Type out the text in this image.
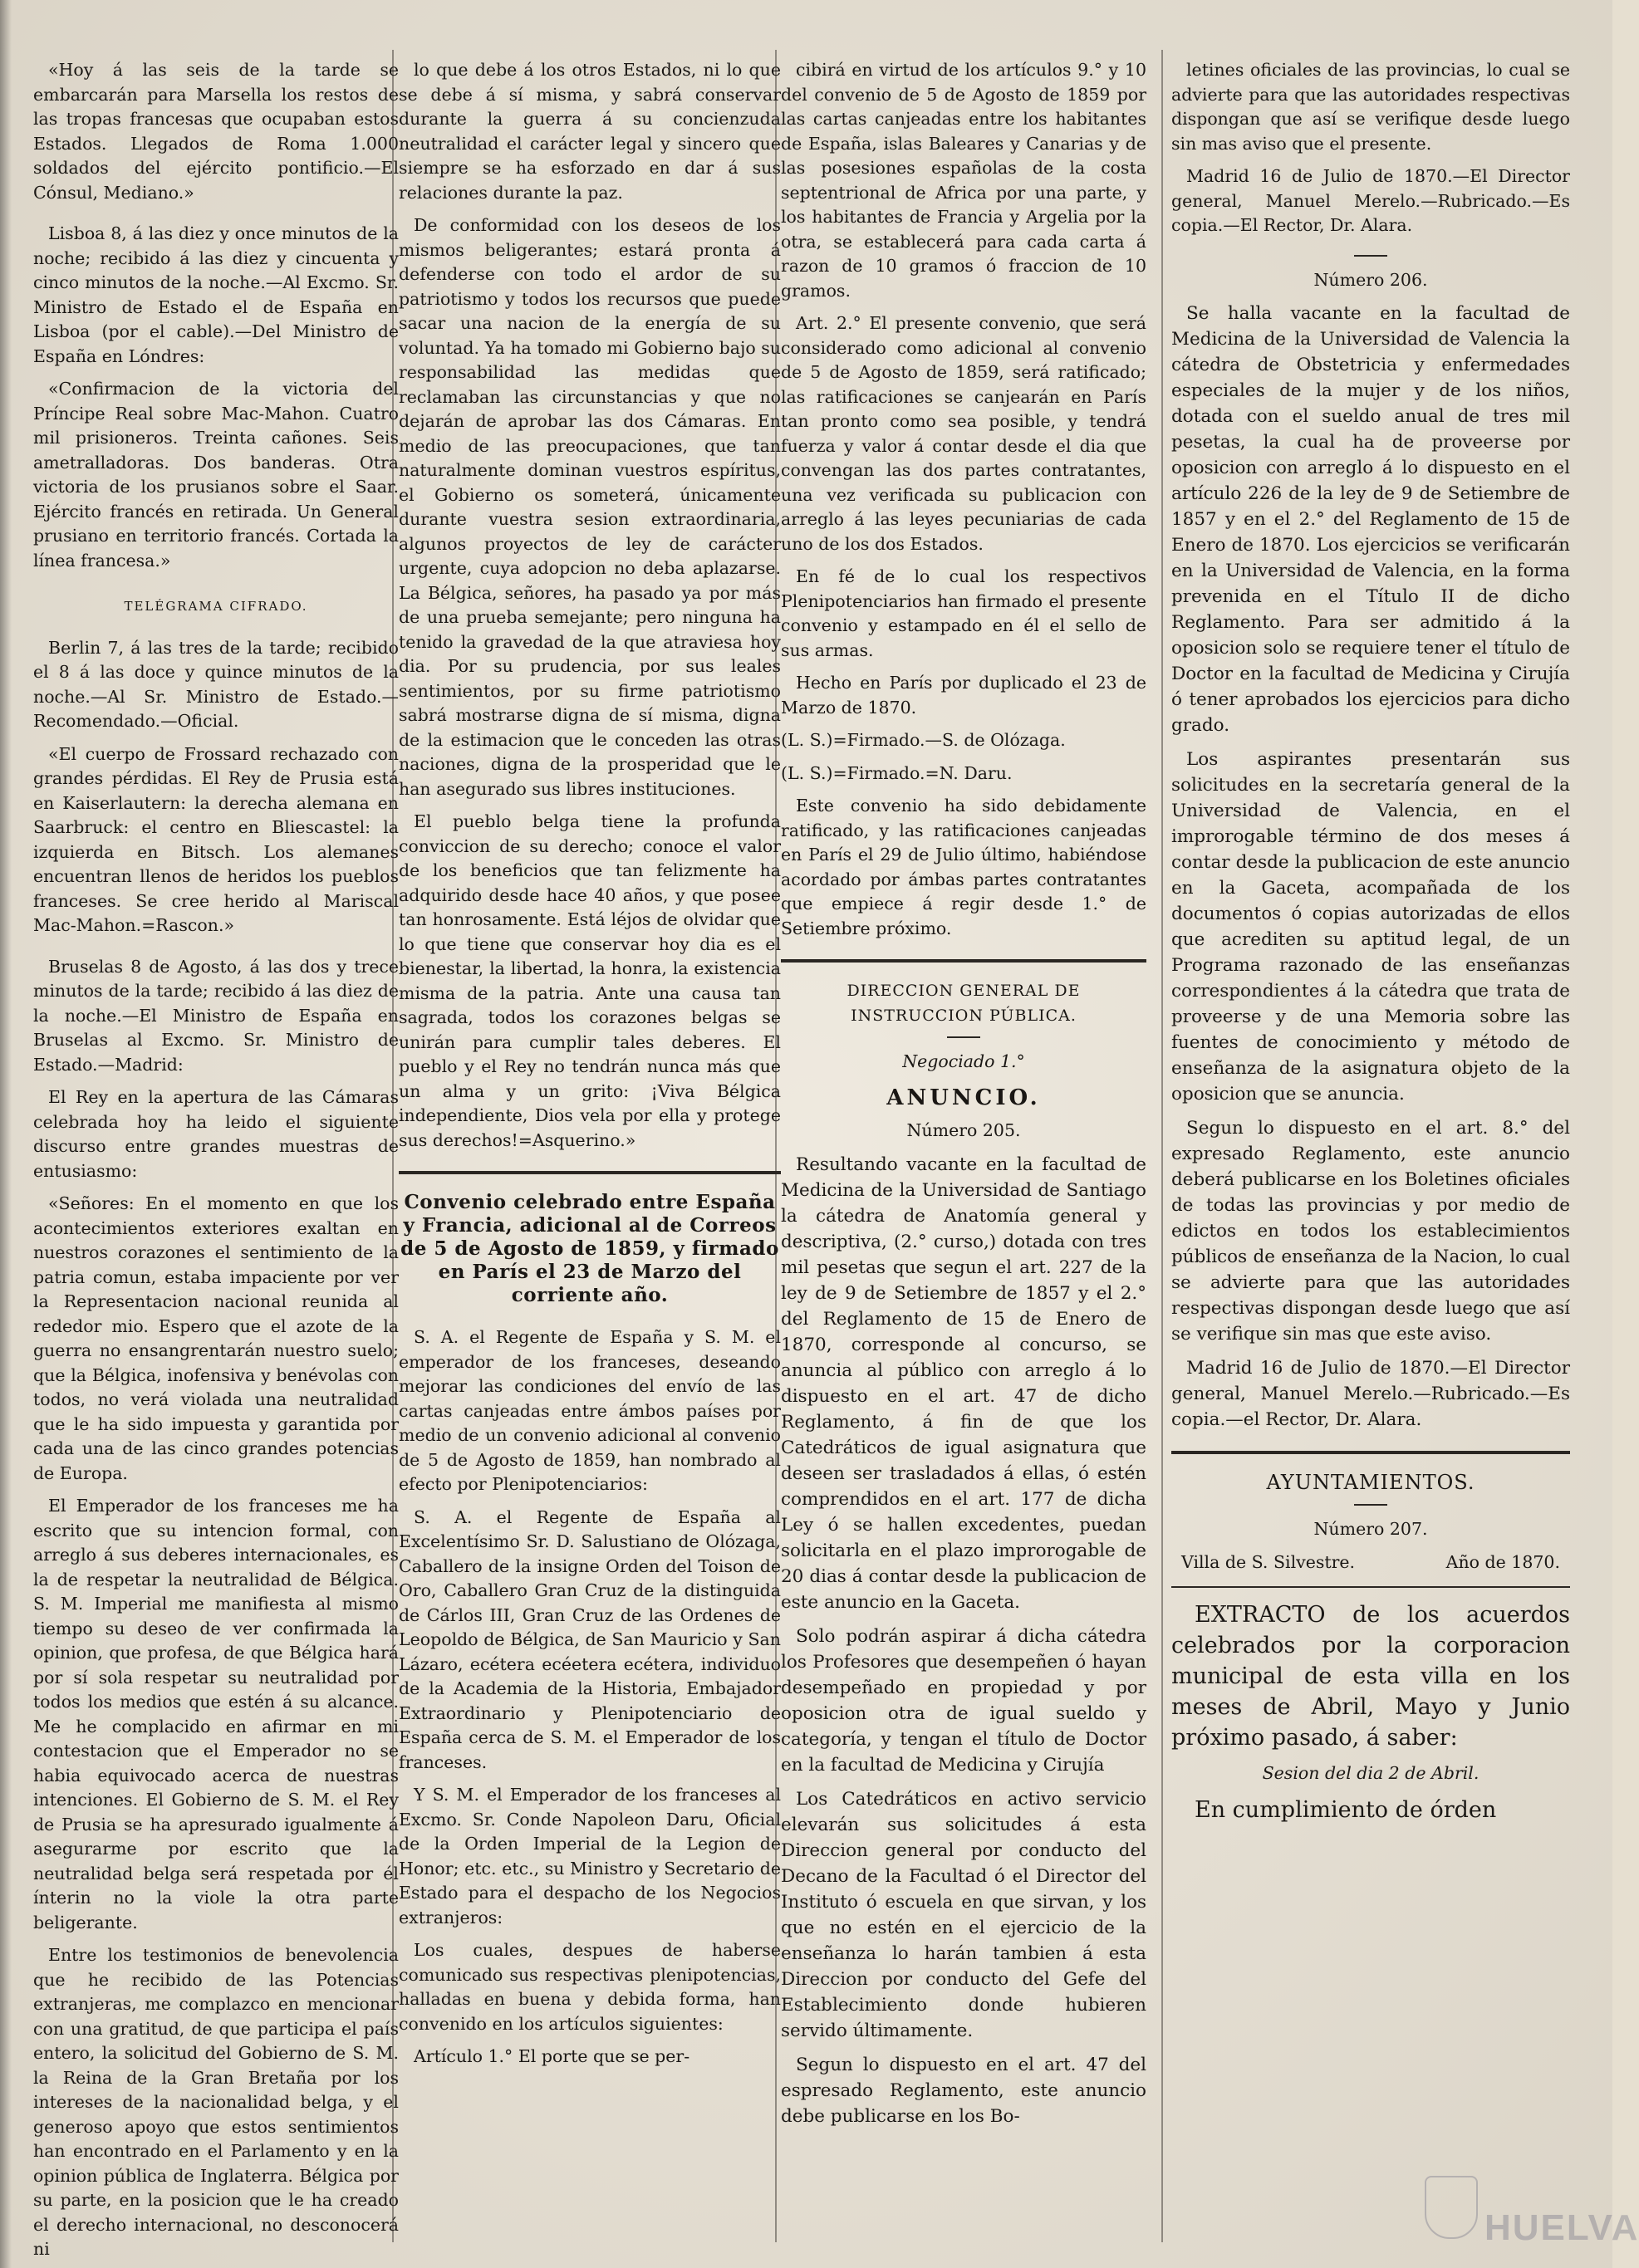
«Hoy á las seis de la tarde se embarcarán para Marsella los restos de las tropas francesas que ocupaban estos Estados. Llegados de Roma 1.000 soldados del ejército pontificio.—El Cónsul, Mediano.»

Lisboa 8, á las diez y once minutos de la noche; recibido á las diez y cincuenta y cinco minutos de la noche.—Al Excmo. Sr. Ministro de Estado el de España en Lisboa (por el cable).—Del Ministro de España en Lóndres:

«Confirmacion de la victoria del Príncipe Real sobre Mac-Mahon. Cuatro mil prisioneros. Treinta cañones. Seis ametralladoras. Dos banderas. Otra victoria de los prusianos sobre el Saar. Ejército francés en retirada. Un General prusiano en territorio francés. Cortada la línea francesa.»

TELÉGRAMA CIFRADO.

Berlin 7, á las tres de la tarde; recibido el 8 á las doce y quince minutos de la noche.—Al Sr. Ministro de Estado.—Recomendado.—Oficial.

«El cuerpo de Frossard rechazado con grandes pérdidas. El Rey de Prusia está en Kaiserlautern: la derecha alemana en Saarbruck: el centro en Bliescastel: la izquierda en Bitsch. Los alemanes encuentran llenos de heridos los pueblos franceses. Se cree herido al Mariscal Mac-Mahon.=Rascon.»

Bruselas 8 de Agosto, á las dos y trece minutos de la tarde; recibido á las diez de la noche.—El Ministro de España en Bruselas al Excmo. Sr. Ministro de Estado.—Madrid:

El Rey en la apertura de las Cámaras celebrada hoy ha leido el siguiente discurso entre grandes muestras de entusiasmo:

«Señores: En el momento en que los acontecimientos exteriores exaltan en nuestros corazones el sentimiento de la patria comun, estaba impaciente por ver la Representacion nacional reunida al rededor mio. Espero que el azote de la guerra no ensangrentarán nuestro suelo; que la Bélgica, inofensiva y benévolas con todos, no verá violada una neutralidad que le ha sido impuesta y garantida por cada una de las cinco grandes potencias de Europa.

El Emperador de los franceses me ha escrito que su intencion formal, con arreglo á sus deberes internacionales, es la de respetar la neutralidad de Bélgica. S. M. Imperial me manifiesta al mismo tiempo su deseo de ver confirmada la opinion, que profesa, de que Bélgica hará por sí sola respetar su neutralidad por todos los medios que estén á su alcance. Me he complacido en afirmar en mi contestacion que el Emperador no se habia equivocado acerca de nuestras intenciones. El Gobierno de S. M. el Rey de Prusia se ha apresurado igualmente á asegurarme por escrito que la neutralidad belga será respetada por él ínterin no la viole la otra parte beligerante.

Entre los testimonios de benevolencia que he recibido de las Potencias extranjeras, me complazco en mencionar con una gratitud, de que participa el país entero, la solicitud del Gobierno de S. M. la Reina de la Gran Bretaña por los intereses de la nacionalidad belga, y el generoso apoyo que estos sentimientos han encontrado en el Parlamento y en la opinion pública de Inglaterra. Bélgica por su parte, en la posicion que le ha creado el derecho internacional, no desconocerá ni

lo que debe á los otros Estados, ni lo que se debe á sí misma, y sabrá conservar durante la guerra á su concienzuda neutralidad el carácter legal y sincero que siempre se ha esforzado en dar á sus relaciones durante la paz.

De conformidad con los deseos de los mismos beligerantes; estará pronta á defenderse con todo el ardor de su patriotismo y todos los recursos que puede sacar una nacion de la energía de su voluntad. Ya ha tomado mi Gobierno bajo su responsabilidad las medidas que reclamaban las circunstancias y que no dejarán de aprobar las dos Cámaras. En medio de las preocupaciones, que tan naturalmente dominan vuestros espíritus, el Gobierno os someterá, únicamente durante vuestra sesion extraordinaria, algunos proyectos de ley de carácter urgente, cuya adopcion no deba aplazarse. La Bélgica, señores, ha pasado ya por más de una prueba semejante; pero ninguna ha tenido la gravedad de la que atraviesa hoy dia. Por su prudencia, por sus leales sentimientos, por su firme patriotismo sabrá mostrarse digna de sí misma, digna de la estimacion que le conceden las otras naciones, digna de la prosperidad que le han asegurado sus libres instituciones.

El pueblo belga tiene la profunda conviccion de su derecho; conoce el valor de los beneficios que tan felizmente ha adquirido desde hace 40 años, y que posee tan honrosamente. Está léjos de olvidar que lo que tiene que conservar hoy dia es el bienestar, la libertad, la honra, la existencia misma de la patria. Ante una causa tan sagrada, todos los corazones belgas se unirán para cumplir tales deberes. El pueblo y el Rey no tendrán nunca más que un alma y un grito: ¡Viva Bélgica independiente, Dios vela por ella y protege sus derechos!=Asquerino.»

Convenio celebrado entre España y Francia, adicional al de Correos de 5 de Agosto de 1859, y firmado en París el 23 de Marzo del corriente año.

S. A. el Regente de España y S. M. el emperador de los franceses, deseando mejorar las condiciones del envío de las cartas canjeadas entre ámbos países por medio de un convenio adicional al convenio de 5 de Agosto de 1859, han nombrado al efecto por Plenipotenciarios:

S. A. el Regente de España al Excelentísimo Sr. D. Salustiano de Olózaga, Caballero de la insigne Orden del Toison de Oro, Caballero Gran Cruz de la distinguida de Cárlos III, Gran Cruz de las Ordenes de Leopoldo de Bélgica, de San Mauricio y San Lázaro, ecétera ecéetera ecétera, individuo de la Academia de la Historia, Embajador Extraordinario y Plenipotenciario de España cerca de S. M. el Emperador de los franceses.

Y S. M. el Emperador de los franceses al Excmo. Sr. Conde Napoleon Daru, Oficial de la Orden Imperial de la Legion de Honor; etc. etc., su Ministro y Secretario de Estado para el despacho de los Negocios extranjeros:

Los cuales, despues de haberse comunicado sus respectivas plenipotencias, halladas en buena y debida forma, han convenido en los artículos siguientes:

Artículo 1.° El porte que se per-

cibirá en virtud de los artículos 9.° y 10 del convenio de 5 de Agosto de 1859 por las cartas canjeadas entre los habitantes de España, islas Baleares y Canarias y de las posesiones españolas de la costa septentrional de Africa por una parte, y los habitantes de Francia y Argelia por la otra, se establecerá para cada carta á razon de 10 gramos ó fraccion de 10 gramos.

Art. 2.° El presente convenio, que será considerado como adicional al convenio de 5 de Agosto de 1859, será ratificado; las ratificaciones se canjearán en París tan pronto como sea posible, y tendrá fuerza y valor á contar desde el dia que convengan las dos partes contratantes, una vez verificada su publicacion con arreglo á las leyes pecuniarias de cada uno de los dos Estados.

En fé de lo cual los respectivos Plenipotenciarios han firmado el presente convenio y estampado en él el sello de sus armas.

Hecho en París por duplicado el 23 de Marzo de 1870.

(L. S.)=Firmado.—S. de Olózaga.

(L. S.)=Firmado.=N. Daru.

Este convenio ha sido debidamente ratificado, y las ratificaciones canjeadas en París el 29 de Julio último, habiéndose acordado por ámbas partes contratantes que empiece á regir desde 1.° de Setiembre próximo.

DIRECCION GENERAL DE INSTRUCCION PÚBLICA.

Negociado 1.°

ANUNCIO.

Número 205.

Resultando vacante en la facultad de Medicina de la Universidad de Santiago la cátedra de Anatomía general y descriptiva, (2.° curso,) dotada con tres mil pesetas que segun el art. 227 de la ley de 9 de Setiembre de 1857 y el 2.° del Reglamento de 15 de Enero de 1870, corresponde al concurso, se anuncia al público con arreglo á lo dispuesto en el art. 47 de dicho Reglamento, á fin de que los Catedráticos de igual asignatura que deseen ser trasladados á ellas, ó estén comprendidos en el art. 177 de dicha Ley ó se hallen excedentes, puedan solicitarla en el plazo improrogable de 20 dias á contar desde la publicacion de este anuncio en la Gaceta.

Solo podrán aspirar á dicha cátedra los Profesores que desempeñen ó hayan desempeñado en propiedad y por oposicion otra de igual sueldo y categoría, y tengan el título de Doctor en la facultad de Medicina y Cirujía

Los Catedráticos en activo servicio elevarán sus solicitudes á esta Direccion general por conducto del Decano de la Facultad ó el Director del Instituto ó escuela en que sirvan, y los que no estén en el ejercicio de la enseñanza lo harán tambien á esta Direccion por conducto del Gefe del Establecimiento donde hubieren servido últimamente.

Segun lo dispuesto en el art. 47 del espresado Reglamento, este anuncio debe publicarse en los Bo-

letines oficiales de las provincias, lo cual se advierte para que las autoridades respectivas dispongan que así se verifique desde luego sin mas aviso que el presente.

Madrid 16 de Julio de 1870.—El Director general, Manuel Merelo.—Rubricado.—Es copia.—El Rector, Dr. Alara.

Número 206.

Se halla vacante en la facultad de Medicina de la Universidad de Valencia la cátedra de Obstetricia y enfermedades especiales de la mujer y de los niños, dotada con el sueldo anual de tres mil pesetas, la cual ha de proveerse por oposicion con arreglo á lo dispuesto en el artículo 226 de la ley de 9 de Setiembre de 1857 y en el 2.° del Reglamento de 15 de Enero de 1870. Los ejercicios se verificarán en la Universidad de Valencia, en la forma prevenida en el Título II de dicho Reglamento. Para ser admitido á la oposicion solo se requiere tener el título de Doctor en la facultad de Medicina y Cirujía ó tener aprobados los ejercicios para dicho grado.

Los aspirantes presentarán sus solicitudes en la secretaría general de la Universidad de Valencia, en el improrogable término de dos meses á contar desde la publicacion de este anuncio en la Gaceta, acompañada de los documentos ó copias autorizadas de ellos que acrediten su aptitud legal, de un Programa razonado de las enseñanzas correspondientes á la cátedra que trata de proveerse y de una Memoria sobre las fuentes de conocimiento y método de enseñanza de la asignatura objeto de la oposicion que se anuncia.

Segun lo dispuesto en el art. 8.° del expresado Reglamento, este anuncio deberá publicarse en los Boletines oficiales de todas las provincias y por medio de edictos en todos los establecimientos públicos de enseñanza de la Nacion, lo cual se advierte para que las autoridades respectivas dispongan desde luego que así se verifique sin mas que este aviso.

Madrid 16 de Julio de 1870.—El Director general, Manuel Merelo.—Rubricado.—Es copia.—el Rector, Dr. Alara.

AYUNTAMIENTOS.

Número 207.

Villa de S. Silvestre.	Año de 1870.

EXTRACTO de los acuerdos celebrados por la corporacion municipal de esta villa en los meses de Abril, Mayo y Junio próximo pasado, á saber:

Sesion del dia 2 de Abril.

En cumplimiento de órden

HUELVA
